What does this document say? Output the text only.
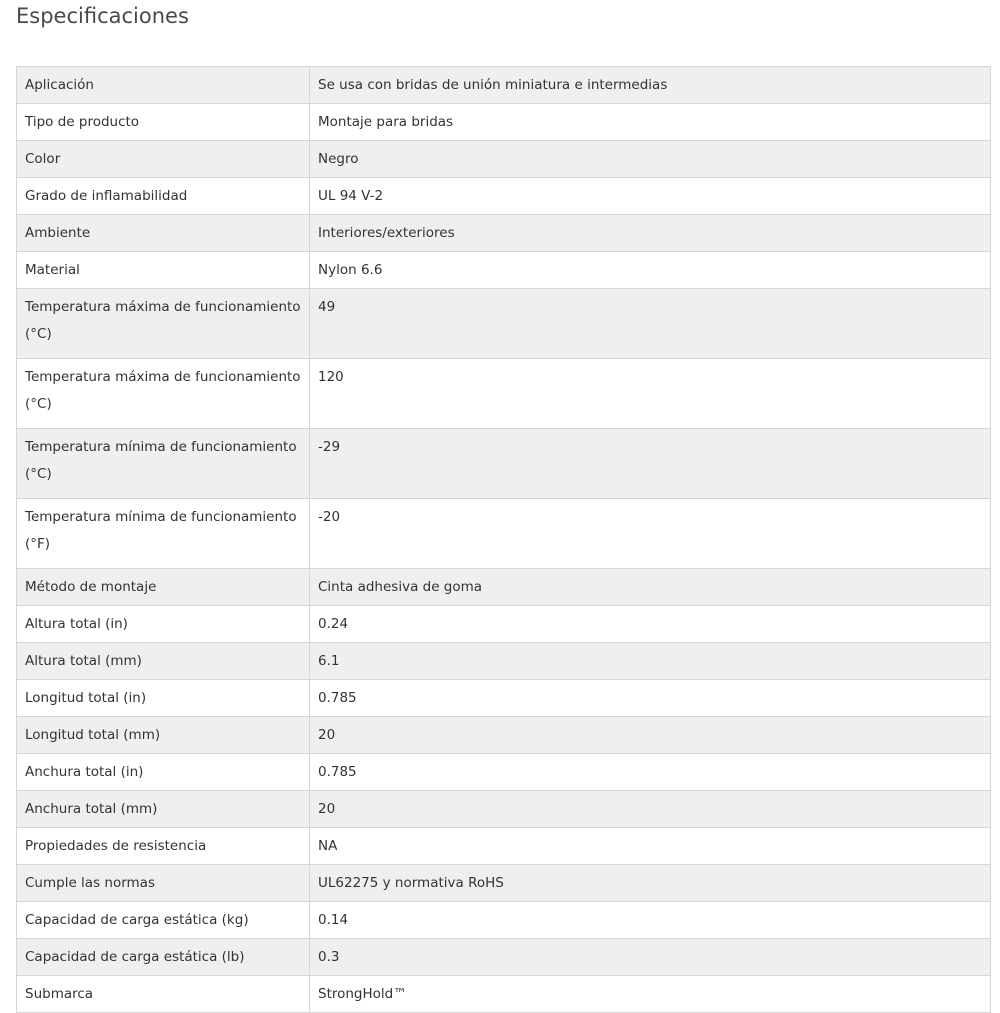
Especificaciones
Aplicación	Se usa con bridas de unión miniatura e intermedias
Tipo de producto	Montaje para bridas
Color	Negro
Grado de inflamabilidad	UL 94 V-2
Ambiente	Interiores/exteriores
Material	Nylon 6.6
Temperatura máxima de funcionamiento (°C)	49
Temperatura máxima de funcionamiento (°C)	120
Temperatura mínima de funcionamiento (°C)	-29
Temperatura mínima de funcionamiento (°F)	-20
Método de montaje	Cinta adhesiva de goma
Altura total (in)	0.24
Altura total (mm)	6.1
Longitud total (in)	0.785
Longitud total (mm)	20
Anchura total (in)	0.785
Anchura total (mm)	20
Propiedades de resistencia	NA
Cumple las normas	UL62275 y normativa RoHS
Capacidad de carga estática (kg)	0.14
Capacidad de carga estática (lb)	0.3
Submarca	StrongHold™
